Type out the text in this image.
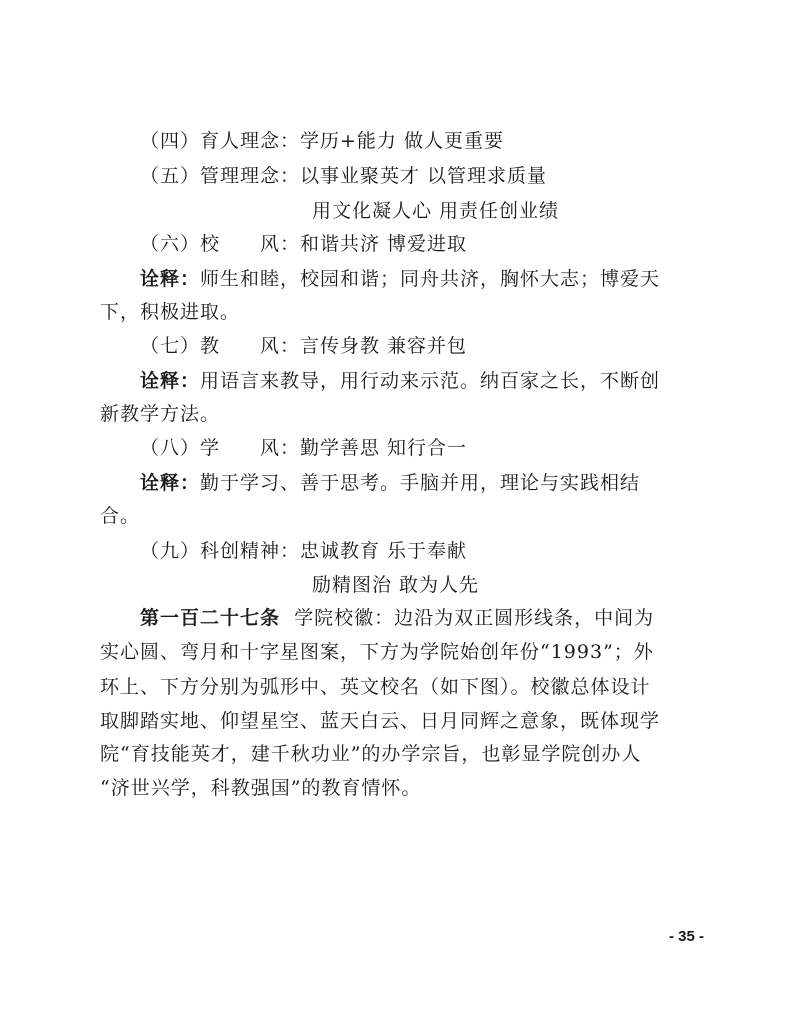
（四）育人理念：学历+能力 做人更重要
（五）管理理念：以事业聚英才 以管理求质量
用文化凝人心 用责任创业绩
（六）校　　风：和谐共济 博爱进取
诠释：师生和睦，校园和谐；同舟共济，胸怀大志；博爱天
下，积极进取。
（七）教　　风：言传身教 兼容并包
诠释：用语言来教导，用行动来示范。纳百家之长，不断创
新教学方法。
（八）学　　风：勤学善思 知行合一
诠释：勤于学习、善于思考。手脑并用，理论与实践相结
合。
（九）科创精神：忠诚教育 乐于奉献
励精图治 敢为人先
第一百二十七条 学院校徽：边沿为双正圆形线条，中间为
实心圆、弯月和十字星图案，下方为学院始创年份“1993”；外
环上、下方分别为弧形中、英文校名（如下图）。校徽总体设计
取脚踏实地、仰望星空、蓝天白云、日月同辉之意象，既体现学
院“育技能英才，建千秋功业”的办学宗旨，也彰显学院创办人
“济世兴学，科教强国”的教育情怀。
- 35 -
